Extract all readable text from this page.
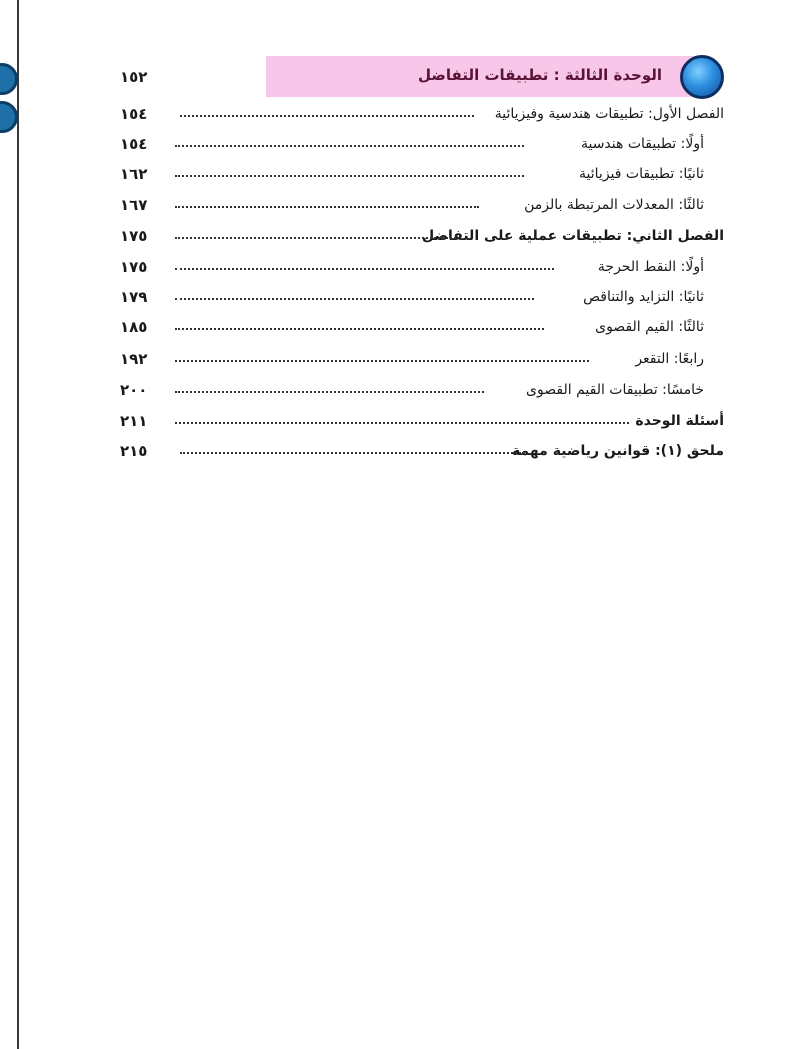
الوحدة الثالثة : تطبيقات التفاضل
١٥٢
الفصل الأول: تطبيقات هندسية وفيزيائية
١٥٤
أولًا: تطبيقات هندسية
١٥٤
ثانيًا: تطبيقات فيزيائية
١٦٢
ثالثًا: المعدلات المرتبطة بالزمن
١٦٧
الفصل الثاني: تطبيقات عملية على التفاضل
١٧٥
أولًا: النقط الحرجة
١٧٥
ثانيًا: التزايد والتناقص
١٧٩
ثالثًا: القيم القصوى
١٨٥
رابعًا: التقعر
١٩٢
خامسًا: تطبيقات القيم القصوى
٢٠٠
أسئلة الوحدة
٢١١
ملحق (١): قوانين رياضية مهمة
٢١٥
